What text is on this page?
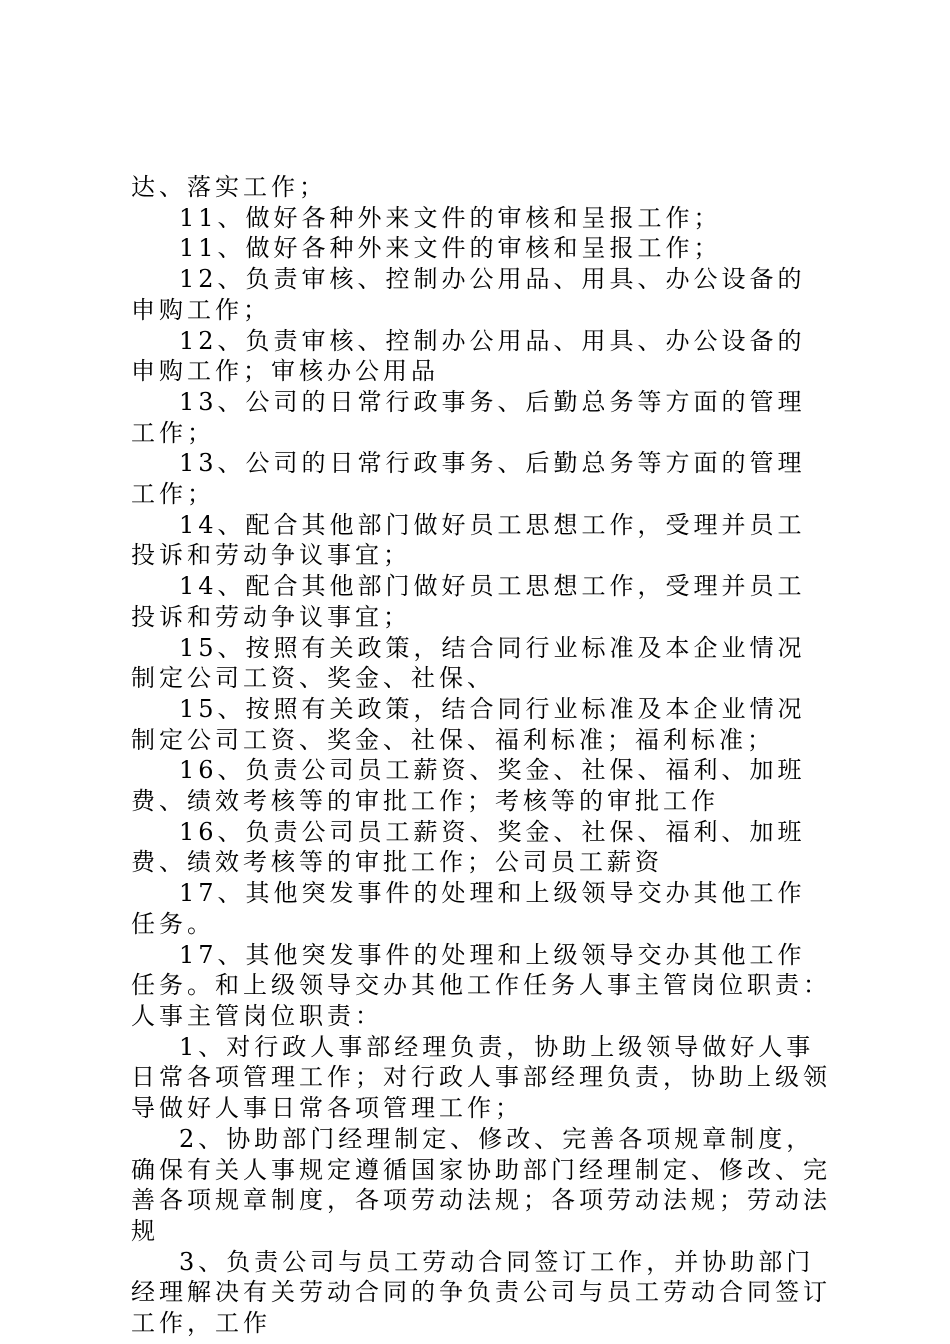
达、落实工作；

11、做好各种外来文件的审核和呈报工作；

11、做好各种外来文件的审核和呈报工作；

12、负责审核、控制办公用品、用具、办公设备的申购工作；

12、负责审核、控制办公用品、用具、办公设备的申购工作；审核办公用品

13、公司的日常行政事务、后勤总务等方面的管理工作；

13、公司的日常行政事务、后勤总务等方面的管理工作；

14、配合其他部门做好员工思想工作，受理并员工投诉和劳动争议事宜；

14、配合其他部门做好员工思想工作，受理并员工投诉和劳动争议事宜；

15、按照有关政策，结合同行业标准及本企业情况制定公司工资、奖金、社保、

15、按照有关政策，结合同行业标准及本企业情况制定公司工资、奖金、社保、福利标准；福利标准；

16、负责公司员工薪资、奖金、社保、福利、加班费、绩效考核等的审批工作；考核等的审批工作

16、负责公司员工薪资、奖金、社保、福利、加班费、绩效考核等的审批工作；公司员工薪资

17、其他突发事件的处理和上级领导交办其他工作任务。

17、其他突发事件的处理和上级领导交办其他工作任务。和上级领导交办其他工作任务人事主管岗位职责：人事主管岗位职责：

1、对行政人事部经理负责，协助上级领导做好人事日常各项管理工作；对行政人事部经理负责，协助上级领导做好人事日常各项管理工作；

2、协助部门经理制定、修改、完善各项规章制度，确保有关人事规定遵循国家协助部门经理制定、修改、完善各项规章制度，各项劳动法规；各项劳动法规；劳动法规

3、负责公司与员工劳动合同签订工作，并协助部门经理解决有关劳动合同的争负责公司与员工劳动合同签订工作，工作
